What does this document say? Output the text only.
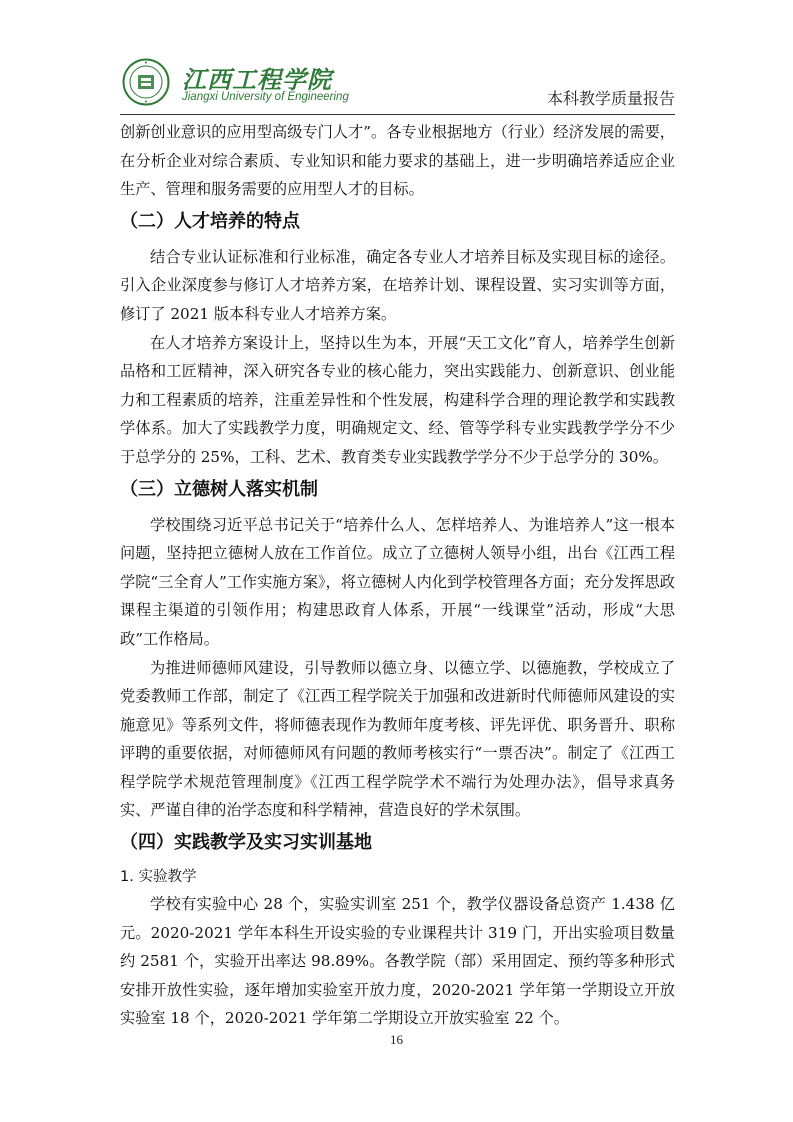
江西工程学院
Jiangxi University of Engineering	本科教学质量报告

创新创业意识的应用型高级专门人才”。各专业根据地方（行业）经济发展的需要，在分析企业对综合素质、专业知识和能力要求的基础上，进一步明确培养适应企业生产、管理和服务需要的应用型人才的目标。

（二）人才培养的特点

结合专业认证标准和行业标准，确定各专业人才培养目标及实现目标的途径。引入企业深度参与修订人才培养方案，在培养计划、课程设置、实习实训等方面，修订了 2021 版本科专业人才培养方案。

在人才培养方案设计上，坚持以生为本，开展“天工文化”育人，培养学生创新品格和工匠精神，深入研究各专业的核心能力，突出实践能力、创新意识、创业能力和工程素质的培养，注重差异性和个性发展，构建科学合理的理论教学和实践教学体系。加大了实践教学力度，明确规定文、经、管等学科专业实践教学学分不少于总学分的 25%，工科、艺术、教育类专业实践教学学分不少于总学分的 30%。

（三）立德树人落实机制

学校围绕习近平总书记关于“培养什么人、怎样培养人、为谁培养人”这一根本问题，坚持把立德树人放在工作首位。成立了立德树人领导小组，出台《江西工程学院“三全育人”工作实施方案》，将立德树人内化到学校管理各方面；充分发挥思政课程主渠道的引领作用；构建思政育人体系，开展“一线课堂”活动，形成“大思政”工作格局。

为推进师德师风建设，引导教师以德立身、以德立学、以德施教，学校成立了党委教师工作部，制定了《江西工程学院关于加强和改进新时代师德师风建设的实施意见》等系列文件，将师德表现作为教师年度考核、评先评优、职务晋升、职称评聘的重要依据，对师德师风有问题的教师考核实行“一票否决”。制定了《江西工程学院学术规范管理制度》《江西工程学院学术不端行为处理办法》，倡导求真务实、严谨自律的治学态度和科学精神，营造良好的学术氛围。

（四）实践教学及实习实训基地
1. 实验教学

学校有实验中心 28 个，实验实训室 251 个，教学仪器设备总资产 1.438 亿元。2020-2021 学年本科生开设实验的专业课程共计 319 门，开出实验项目数量约 2581 个，实验开出率达 98.89%。各教学院（部）采用固定、预约等多种形式安排开放性实验，逐年增加实验室开放力度，2020-2021 学年第一学期设立开放实验室 18 个，2020-2021 学年第二学期设立开放实验室 22 个。

16
